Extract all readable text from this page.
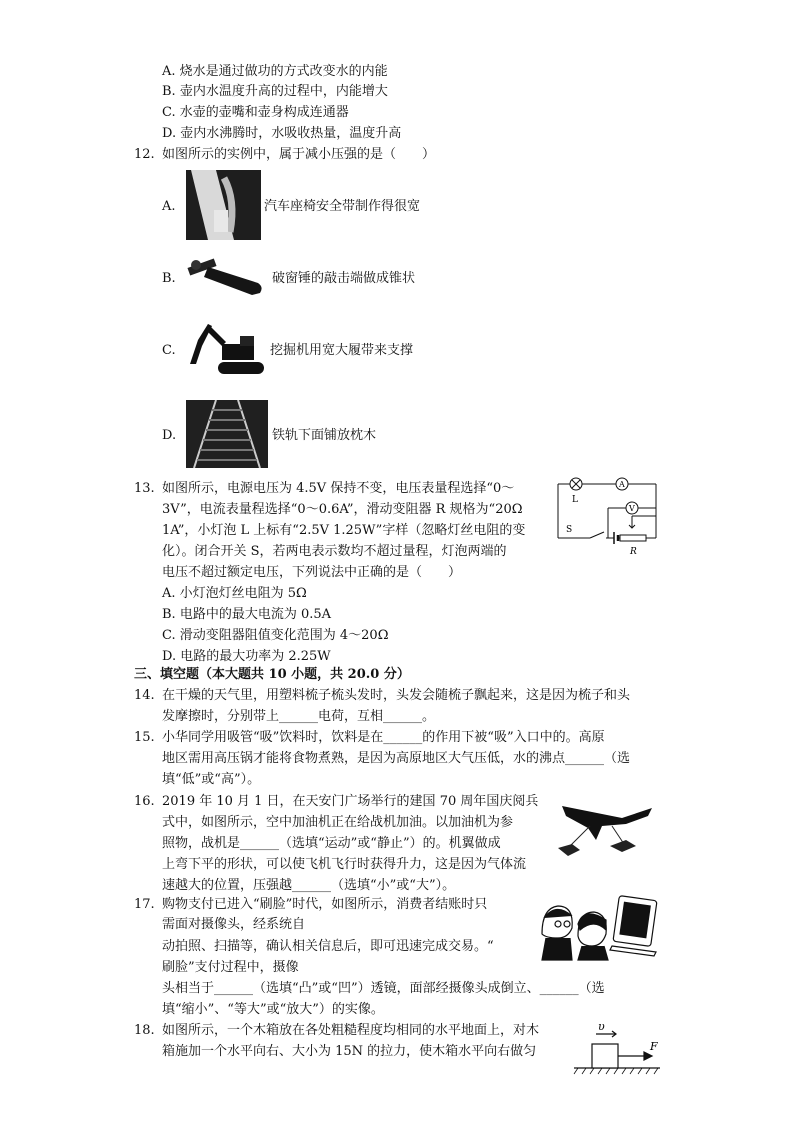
A. 烧水是通过做功的方式改变水的内能
B. 壶内水温度升高的过程中，内能增大
C. 水壶的壶嘴和壶身构成连通器
D. 壶内水沸腾时，水吸收热量，温度升高
12. 如图所示的实例中，属于减小压强的是（　　）
A.	汽车座椅安全带制作得很宽
B.	破窗锤的敲击端做成锥状
C.	挖掘机用宽大履带来支撑
D.	铁轨下面铺放枕木
13. 如图所示，电源电压为 4.5V 保持不变，电压表量程选择“0～
3V”，电流表量程选择“0～0.6A”，滑动变阻器 R 规格为“20Ω
1A”，小灯泡 L 上标有“2.5V 1.25W”字样（忽略灯丝电阻的变
化）。闭合开关 S，若两电表示数均不超过量程，灯泡两端的
电压不超过额定电压，下列说法中正确的是（　　）
A. 小灯泡灯丝电阻为 5Ω
B. 电路中的最大电流为 0.5A
C. 滑动变阻器阻值变化范围为 4～20Ω
D. 电路的最大功率为 2.25W
L
A
V
S
R
三、填空题（本大题共 10 小题，共 20.0 分）
14. 在干燥的天气里，用塑料梳子梳头发时，头发会随梳子飘起来，这是因为梳子和头
发摩擦时，分别带上______电荷，互相______。
15. 小华同学用吸管“吸”饮料时，饮料是在______的作用下被“吸”入口中的。高原
地区需用高压锅才能将食物煮熟，是因为高原地区大气压低，水的沸点______（选
填“低”或“高”）。
16. 2019 年 10 月 1 日，在天安门广场举行的建国 70 周年国庆阅兵
式中，如图所示，空中加油机正在给战机加油。以加油机为参
照物，战机是______（选填“运动”或“静止”）的。机翼做成
上弯下平的形状，可以使飞机飞行时获得升力，这是因为气体流
速越大的位置，压强越______（选填“小”或“大”）。
17. 购物支付已进入“刷脸”时代，如图所示，消费者结账时只
需面对摄像头，经系统自
动拍照、扫描等，确认相关信息后，即可迅速完成交易。“
刷脸”支付过程中，摄像
头相当于______（选填“凸”或“凹”）透镜，面部经摄像头成倒立、______（选
填“缩小”、“等大”或“放大”）的实像。
18. 如图所示，一个木箱放在各处粗糙程度均相同的水平地面上，对木
箱施加一个水平向右、大小为 15N 的拉力，使木箱水平向右做匀
υ
F
